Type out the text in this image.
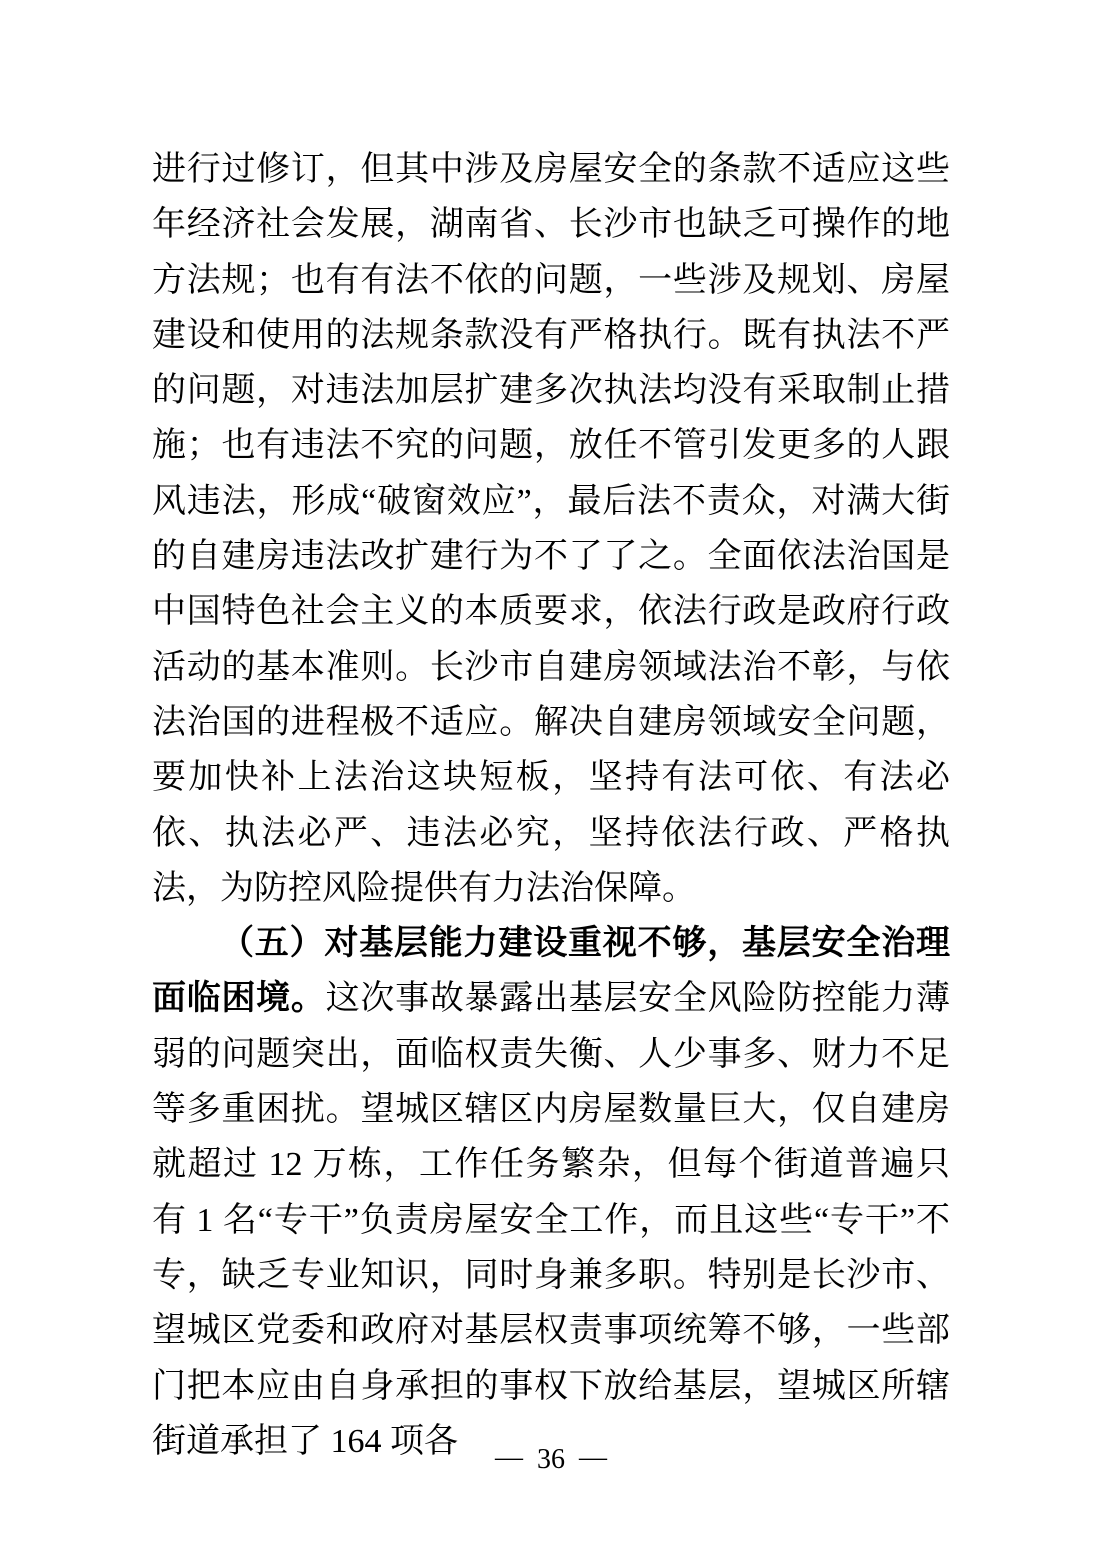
进行过修订，但其中涉及房屋安全的条款不适应这些年经济社会发展，湖南省、长沙市也缺乏可操作的地方法规；也有有法不依的问题，一些涉及规划、房屋建设和使用的法规条款没有严格执行。既有执法不严的问题，对违法加层扩建多次执法均没有采取制止措施；也有违法不究的问题，放任不管引发更多的人跟风违法，形成“破窗效应”，最后法不责众，对满大街的自建房违法改扩建行为不了了之。全面依法治国是中国特色社会主义的本质要求，依法行政是政府行政活动的基本准则。长沙市自建房领域法治不彰，与依法治国的进程极不适应。解决自建房领域安全问题，要加快补上法治这块短板，坚持有法可依、有法必依、执法必严、违法必究，坚持依法行政、严格执法，为防控风险提供有力法治保障。

（五）对基层能力建设重视不够，基层安全治理面临困境。这次事故暴露出基层安全风险防控能力薄弱的问题突出，面临权责失衡、人少事多、财力不足等多重困扰。望城区辖区内房屋数量巨大，仅自建房就超过 12 万栋，工作任务繁杂，但每个街道普遍只有 1 名“专干”负责房屋安全工作，而且这些“专干”不专，缺乏专业知识，同时身兼多职。特别是长沙市、望城区党委和政府对基层权责事项统筹不够，一些部门把本应由自身承担的事权下放给基层，望城区所辖街道承担了 164 项各	— 36 —
